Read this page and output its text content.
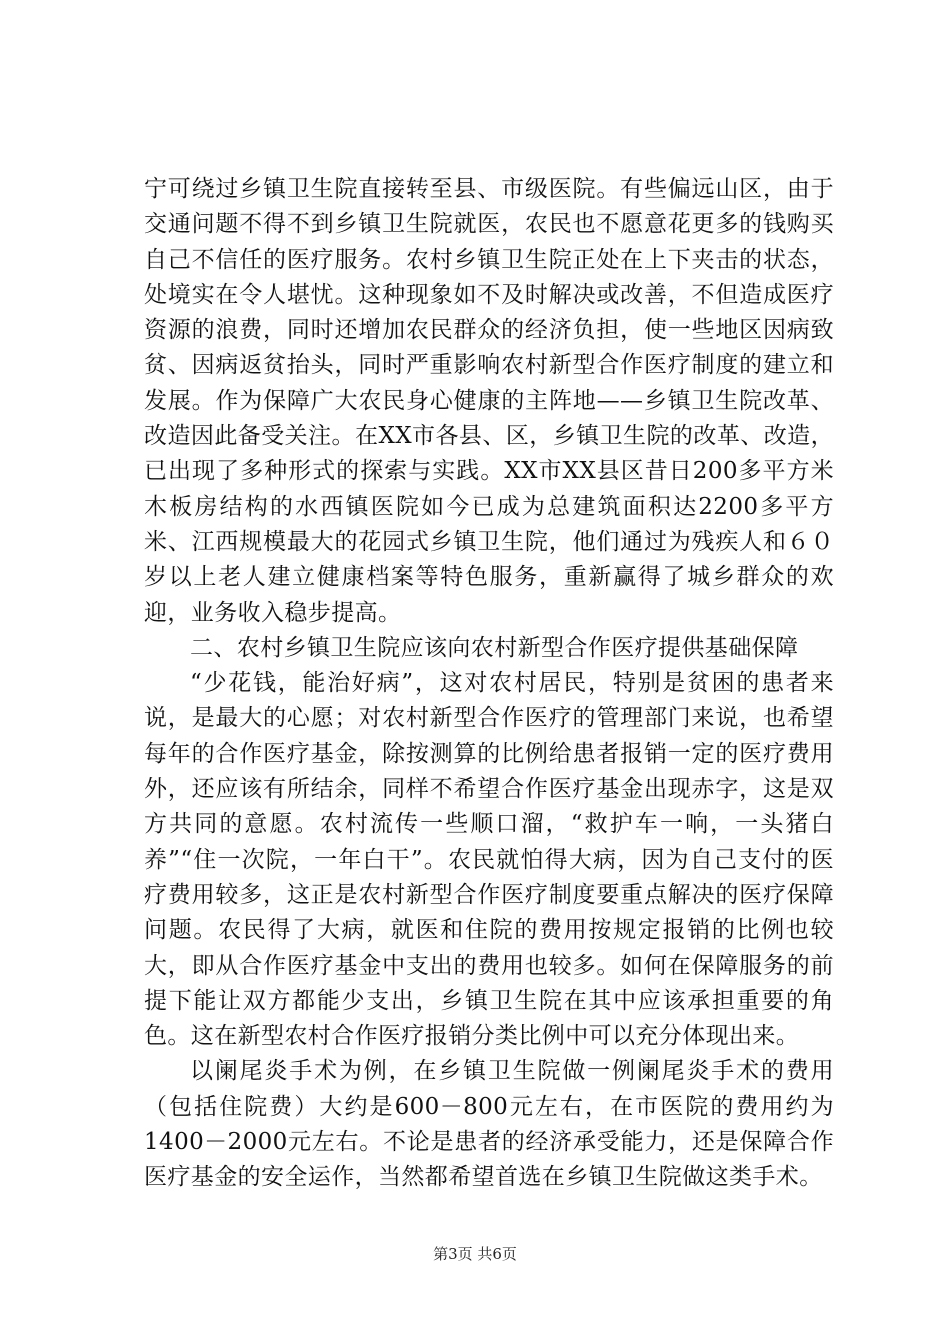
宁可绕过乡镇卫生院直接转至县、市级医院。有些偏远山区，由于交通问题不得不到乡镇卫生院就医，农民也不愿意花更多的钱购买自己不信任的医疗服务。农村乡镇卫生院正处在上下夹击的状态，处境实在令人堪忧。这种现象如不及时解决或改善，不但造成医疗资源的浪费，同时还增加农民群众的经济负担，使一些地区因病致贫、因病返贫抬头，同时严重影响农村新型合作医疗制度的建立和发展。作为保障广大农民身心健康的主阵地——乡镇卫生院改革、改造因此备受关注。在XX市各县、区，乡镇卫生院的改革、改造，已出现了多种形式的探索与实践。XX市XX县区昔日200多平方米木板房结构的水西镇医院如今已成为总建筑面积达2200多平方米、江西规模最大的花园式乡镇卫生院，他们通过为残疾人和６０岁以上老人建立健康档案等特色服务，重新赢得了城乡群众的欢迎，业务收入稳步提高。

二、农村乡镇卫生院应该向农村新型合作医疗提供基础保障

“少花钱，能治好病”，这对农村居民，特别是贫困的患者来说，是最大的心愿；对农村新型合作医疗的管理部门来说，也希望每年的合作医疗基金，除按测算的比例给患者报销一定的医疗费用外，还应该有所结余，同样不希望合作医疗基金出现赤字，这是双方共同的意愿。农村流传一些顺口溜，“救护车一响，一头猪白养”“住一次院，一年白干”。农民就怕得大病，因为自己支付的医疗费用较多，这正是农村新型合作医疗制度要重点解决的医疗保障问题。农民得了大病，就医和住院的费用按规定报销的比例也较大，即从合作医疗基金中支出的费用也较多。如何在保障服务的前提下能让双方都能少支出，乡镇卫生院在其中应该承担重要的角色。这在新型农村合作医疗报销分类比例中可以充分体现出来。

以阑尾炎手术为例，在乡镇卫生院做一例阑尾炎手术的费用（包括住院费）大约是600－800元左右，在市医院的费用约为1400－2000元左右。不论是患者的经济承受能力，还是保障合作医疗基金的安全运作，当然都希望首选在乡镇卫生院做这类手术。

第3页 共6页
